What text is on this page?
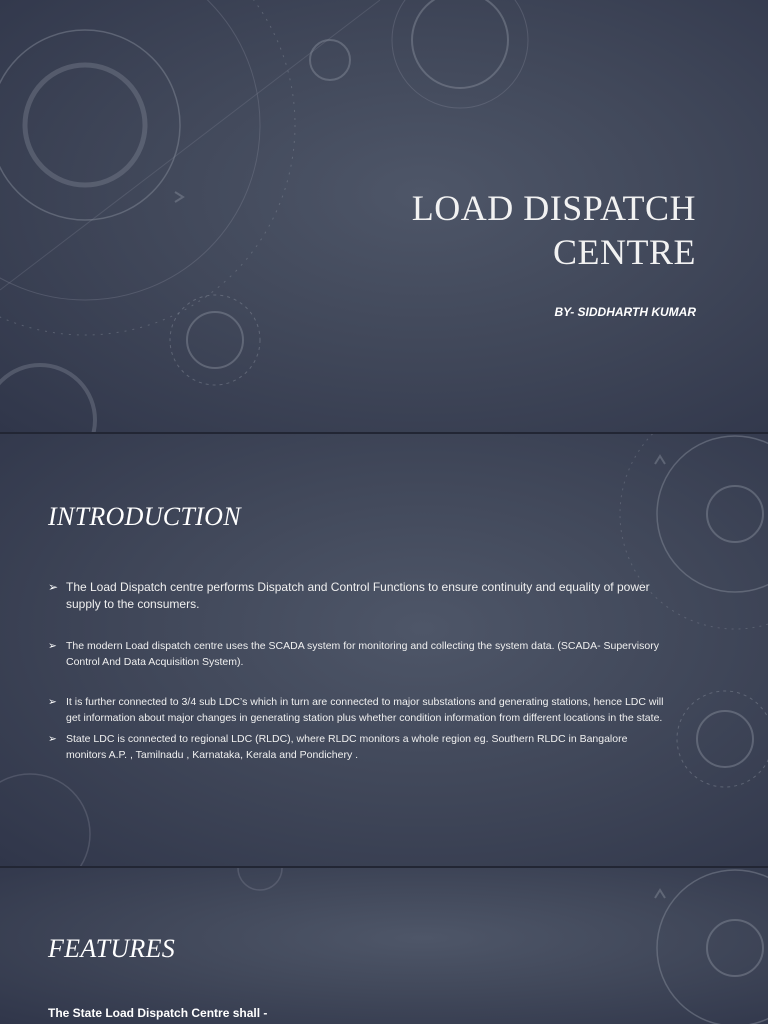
LOAD DISPATCH
CENTRE
BY- SIDDHARTH KUMAR
INTRODUCTION
➢ The Load Dispatch centre performs Dispatch and Control Functions to ensure continuity and equality of power supply to the consumers.
➢ The modern Load dispatch centre uses the SCADA system for monitoring and collecting the system data. (SCADA- Supervisory Control And Data Acquisition System).
➢ It is further connected to 3/4 sub LDC’s which in turn are connected to major substations and generating stations, hence LDC will get information about major changes in generating station plus whether condition information from different locations in the state.
➢ State LDC is connected to regional LDC (RLDC), where RLDC monitors a whole region eg. Southern RLDC in Bangalore monitors A.P. , Tamilnadu , Karnataka, Kerala and Pondichery .
FEATURES
The State Load Dispatch Centre shall -
